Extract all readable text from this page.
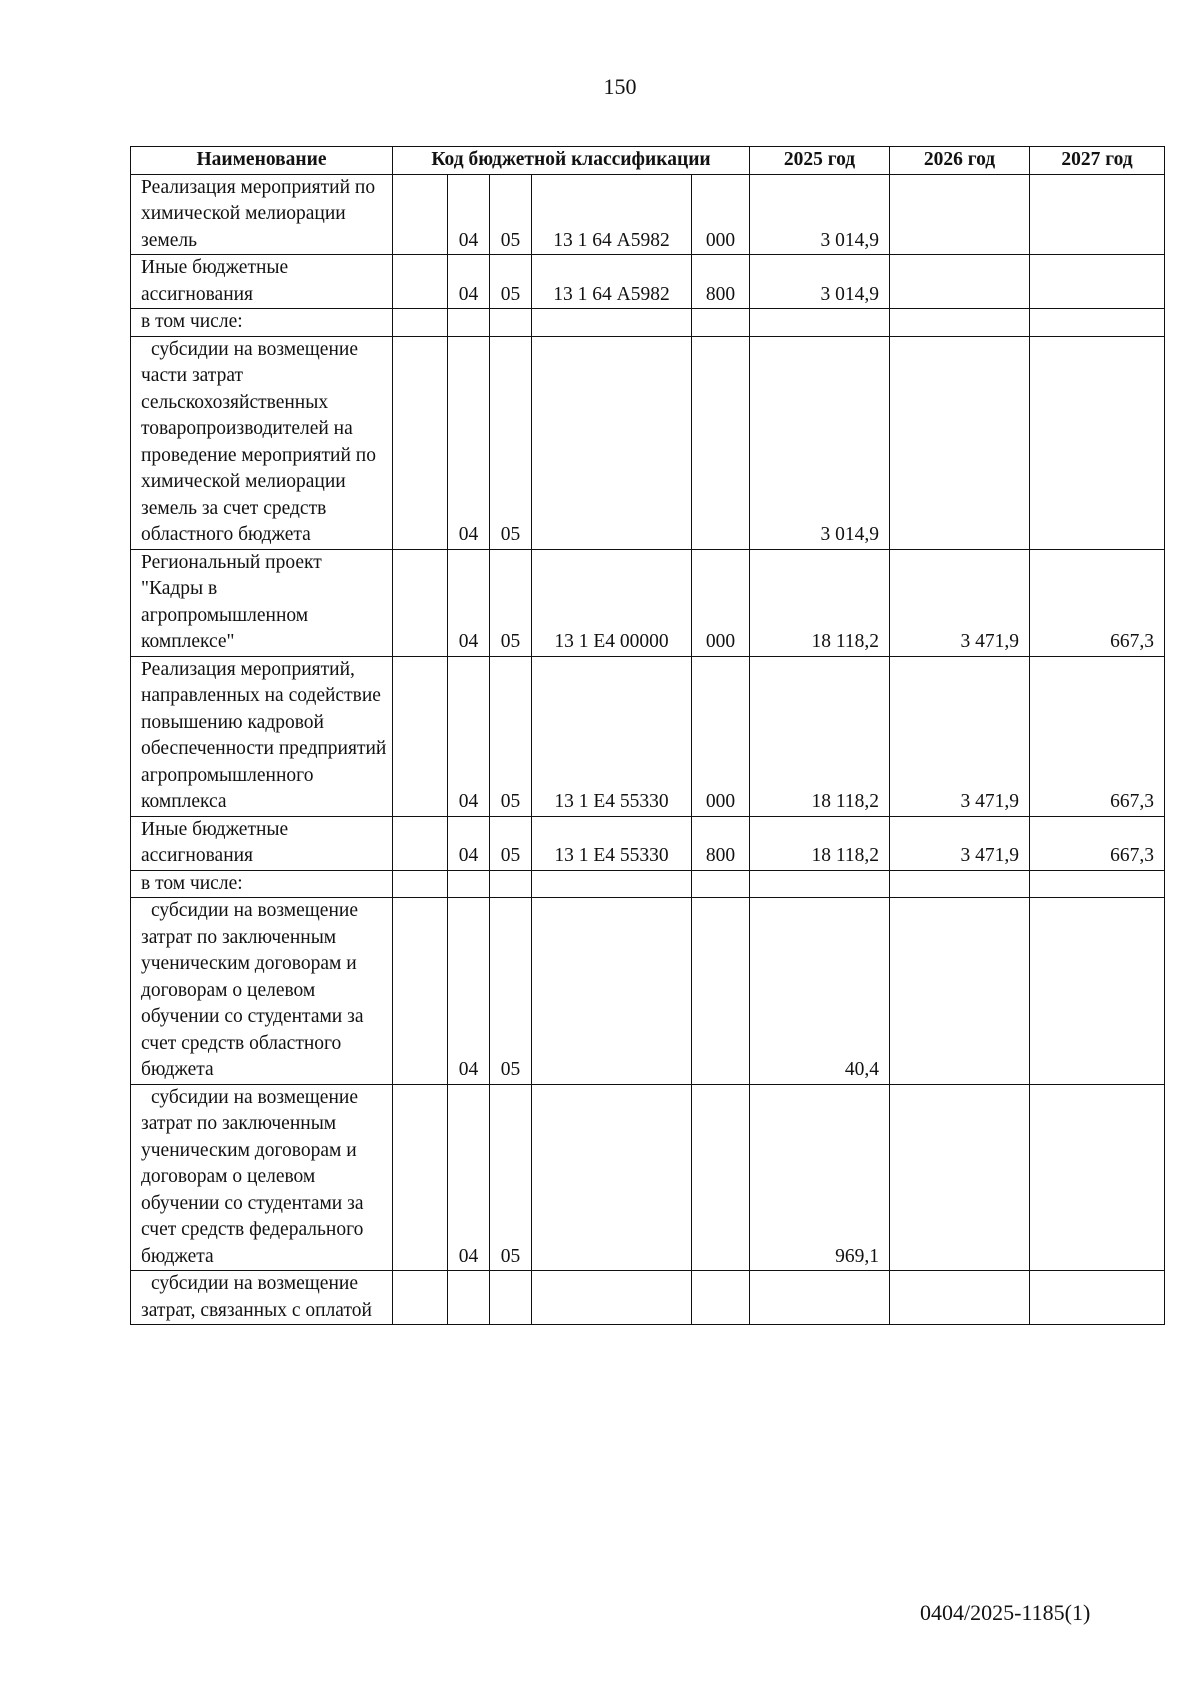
150
Наименование	Код бюджетной классификации					2025 год	2026 год	2027 год
Реализация мероприятий по химической мелиорации земель		04	05	13 1 64 А5982	000	3 014,9		
Иные бюджетные ассигнования		04	05	13 1 64 А5982	800	3 014,9		
в том числе:								
субсидии на возмещение части затрат сельскохозяйственных товаропроизводителей на проведение мероприятий по химической мелиорации земель за счет средств областного бюджета		04	05			3 014,9		
Региональный проект "Кадры в агропромышленном комплексе"		04	05	13 1 Е4 00000	000	18 118,2	3 471,9	667,3
Реализация мероприятий, направленных на содействие повышению кадровой обеспеченности предприятий агропромышленного комплекса		04	05	13 1 Е4 55330	000	18 118,2	3 471,9	667,3
Иные бюджетные ассигнования		04	05	13 1 Е4 55330	800	18 118,2	3 471,9	667,3
в том числе:								
субсидии на возмещение затрат по заключенным ученическим договорам и договорам о целевом обучении со студентами за счет средств областного бюджета		04	05			40,4		
субсидии на возмещение затрат по заключенным ученическим договорам и договорам о целевом обучении со студентами за счет средств федерального бюджета		04	05			969,1		
субсидии на возмещение затрат, связанных с оплатой								
0404/2025-1185(1)
